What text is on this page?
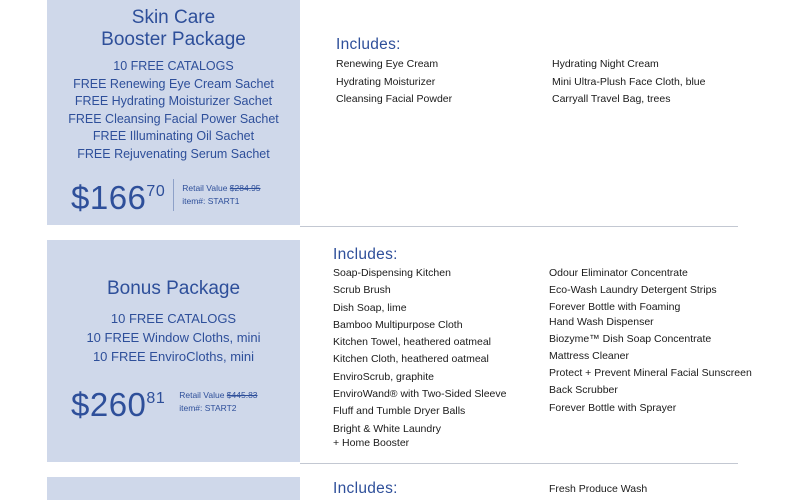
Skin Care
Booster Package
10 FREE CATALOGS
FREE Renewing Eye Cream Sachet
FREE Hydrating Moisturizer Sachet
FREE Cleansing Facial Power Sachet
FREE Illuminating Oil Sachet
FREE Rejuvenating Serum Sachet
$\$166^{70}$ Retail Value $284.95
item#: START1
Includes:
Renewing Eye Cream
Hydrating Moisturizer
Cleansing Facial Powder
Hydrating Night Cream
Mini Ultra-Plush Face Cloth, blue
Carryall Travel Bag, trees
Bonus Package
10 FREE CATALOGS
10 FREE Window Cloths, mini
10 FREE EnviroCloths, mini
$\$260^{81}$ Retail Value $445.83
item#: START2
Includes:
Soap-Dispensing Kitchen
Scrub Brush
Dish Soap, lime
Bamboo Multipurpose Cloth
Kitchen Towel, heathered oatmeal
Kitchen Cloth, heathered oatmeal
EnviroScrub, graphite
EnviroWand® with Two-Sided Sleeve
Fluff and Tumble Dryer Balls
Bright & White Laundry
+ Home Booster
Odour Eliminator Concentrate
Eco-Wash Laundry Detergent Strips
Forever Bottle with Foaming
Hand Wash Dispenser
Biozyme™ Dish Soap Concentrate
Mattress Cleaner
Protect + Prevent Mineral Facial Sunscreen
Back Scrubber
Forever Bottle with Sprayer
Includes:	Fresh Produce Wash
